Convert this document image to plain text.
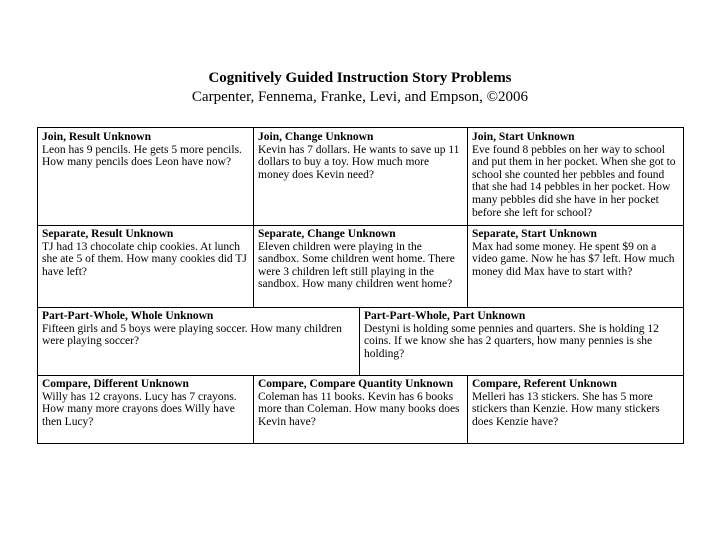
Cognitively Guided Instruction Story Problems
Carpenter, Fennema, Franke, Levi, and Empson, ©2006
Join, Result Unknown
Leon has 9 pencils. He gets 5 more pencils. How many pencils does Leon have now?
Join, Change Unknown
Kevin has 7 dollars. He wants to save up 11 dollars to buy a toy. How much more money does Kevin need?
Join, Start Unknown
Eve found 8 pebbles on her way to school and put them in her pocket. When she got to school she counted her pebbles and found that she had 14 pebbles in her pocket. How many pebbles did she have in her pocket before she left for school?
Separate, Result Unknown
TJ had 13 chocolate chip cookies. At lunch she ate 5 of them. How many cookies did TJ have left?
Separate, Change Unknown
Eleven children were playing in the sandbox. Some children went home. There were 3 children left still playing in the sandbox. How many children went home?
Separate, Start Unknown
Max had some money. He spent $9 on a video game. Now he has $7 left. How much money did Max have to start with?
Part-Part-Whole, Whole Unknown
Fifteen girls and 5 boys were playing soccer. How many children were playing soccer?
Part-Part-Whole, Part Unknown
Destyni is holding some pennies and quarters. She is holding 12 coins. If we know she has 2 quarters, how many pennies is she holding?
Compare, Different Unknown
Willy has 12 crayons. Lucy has 7 crayons. How many more crayons does Willy have then Lucy?
Compare, Compare Quantity Unknown
Coleman has 11 books. Kevin has 6 books more than Coleman. How many books does Kevin have?
Compare, Referent Unknown
Melleri has 13 stickers. She has 5 more stickers than Kenzie. How many stickers does Kenzie have?
